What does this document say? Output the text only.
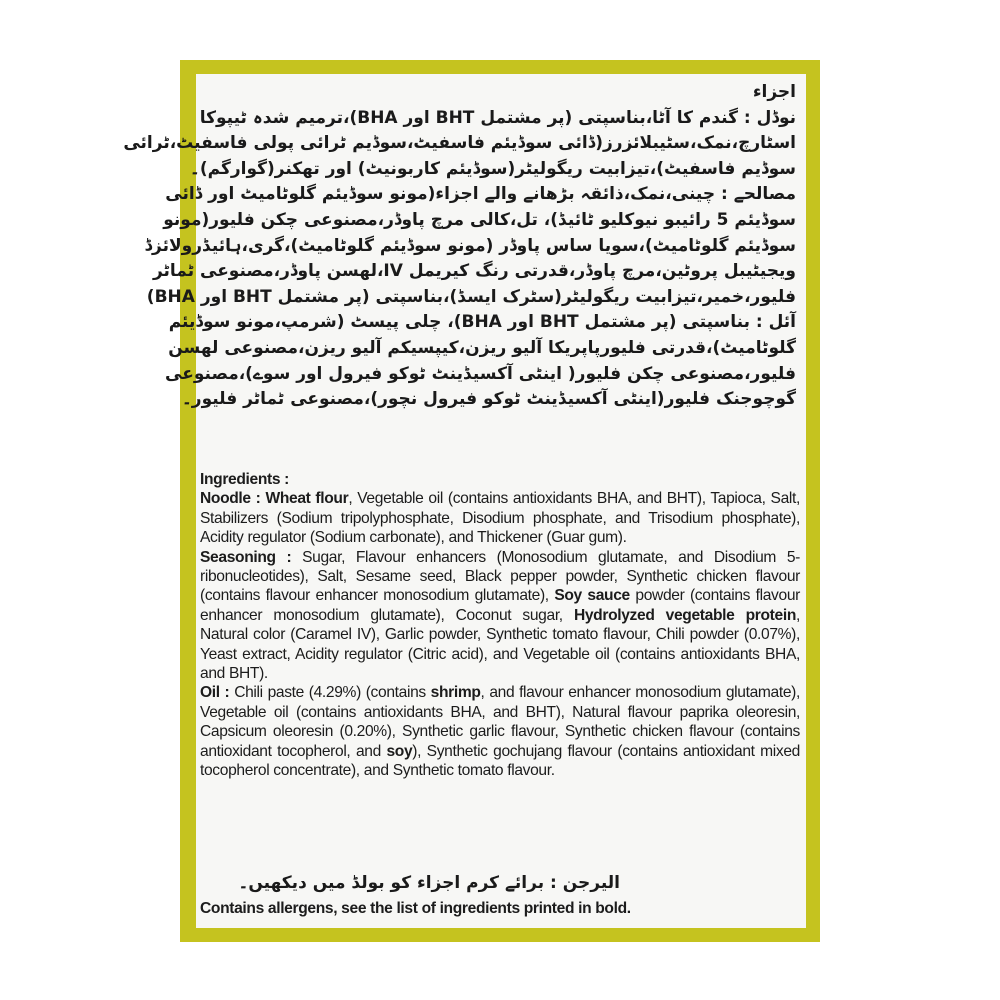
اجزاء
نوڈل : گندم کا آٹا،بناسپتی (پر مشتمل BHT اور BHA)،ترمیم شدہ ٹیپوکا
اسٹارچ،نمک،سٹیبلائزرز(ڈائی سوڈیئم فاسفیٹ،سوڈیم ٹرائی پولی فاسفیٹ،ٹرائی
سوڈیم فاسفیٹ)،تیزابیت ریگولیٹر(سوڈیئم کاربونیٹ) اور تھکنر(گوارگم)۔
مصالحے : چینی،نمک،ذائقہ بڑھانے والے اجزاء(مونو سوڈیئم گلوٹامیٹ اور ڈائی
سوڈیئم 5 رائیبو نیوکلیو ٹائیڈ)، تل،کالی مرچ پاوڈر،مصنوعی چکن فلیور(مونو
سوڈیئم گلوٹامیٹ)،سویا ساس پاوڈر (مونو سوڈیئم گلوٹامیٹ)،گری،ہائیڈرولائزڈ
ویجیٹیبل پروٹین،مرچ پاوڈر،قدرتی رنگ کیریمل IV،لھسن پاوڈر،مصنوعی ٹماٹر
فلیور،خمیر،تیزابیت ریگولیٹر(سٹرک ایسڈ)،بناسپتی (پر مشتمل BHT اور BHA)
آئل : بناسپتی (پر مشتمل BHT اور BHA)، چلی پیسٹ (شرمپ،مونو سوڈیئم
گلوٹامیٹ)،قدرتی فلیورپاپریکا آلیو ریزن،کیپسیکم آلیو ریزن،مصنوعی لھسن
فلیور،مصنوعی چکن فلیور( اینٹی آکسیڈینٹ ٹوکو فیرول اور سوے)،مصنوعی
گوچوجنک فلیور(اینٹی آکسیڈینٹ ٹوکو فیرول نچور)،مصنوعی ٹماٹر فلیور۔

Ingredients :

Noodle : Wheat flour, Vegetable oil (contains antioxidants BHA, and BHT), Tapioca, Salt, Stabilizers (Sodium tripolyphosphate, Disodium phosphate, and Trisodium phosphate), Acidity regulator (Sodium carbonate), and Thickener (Guar gum).

Seasoning : Sugar, Flavour enhancers (Monosodium glutamate, and Disodium 5-ribonucleotides), Salt, Sesame seed, Black pepper powder, Synthetic chicken flavour (contains flavour enhancer monosodium glutamate), Soy sauce powder (contains flavour enhancer monosodium glutamate), Coconut sugar, Hydrolyzed vegetable protein, Natural color (Caramel IV), Garlic powder, Synthetic tomato flavour, Chili powder (0.07%), Yeast extract, Acidity regulator (Citric acid), and Vegetable oil (contains antioxidants BHA, and BHT).

Oil : Chili paste (4.29%) (contains shrimp, and flavour enhancer monosodium glutamate), Vegetable oil (contains antioxidants BHA, and BHT), Natural flavour paprika oleoresin, Capsicum oleoresin (0.20%), Synthetic garlic flavour, Synthetic chicken flavour (contains antioxidant tocopherol, and soy), Synthetic gochujang flavour (contains antioxidant mixed tocopherol concentrate), and Synthetic tomato flavour.

الیرجن : برائے کرم اجزاء کو بولڈ میں دیکھیں۔
Contains allergens, see the list of ingredients printed in bold.
